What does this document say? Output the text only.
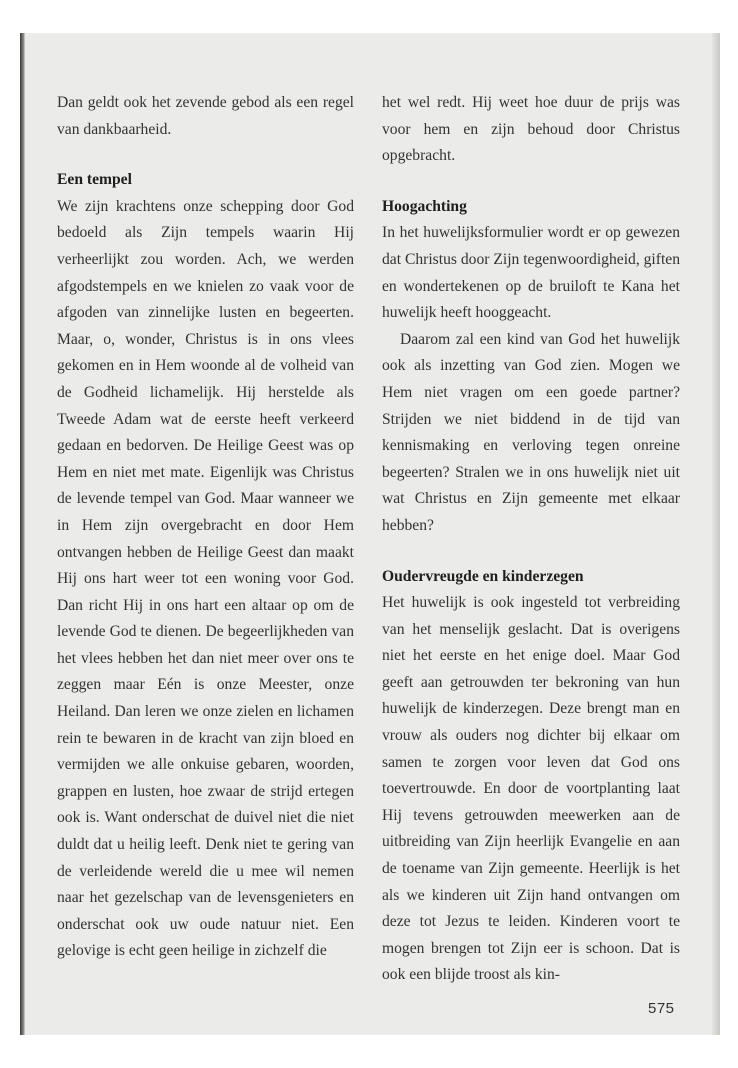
Dan geldt ook het zevende gebod als een regel van dankbaarheid.

Een tempel

We zijn krachtens onze schepping door God bedoeld als Zijn tempels waarin Hij verheerlijkt zou worden. Ach, we werden afgodstempels en we knielen zo vaak voor de afgoden van zinnelijke lusten en begeerten. Maar, o, wonder, Christus is in ons vlees gekomen en in Hem woonde al de volheid van de Godheid lichamelijk. Hij herstelde als Tweede Adam wat de eerste heeft verkeerd gedaan en bedorven. De Heilige Geest was op Hem en niet met mate. Eigenlijk was Christus de levende tempel van God. Maar wanneer we in Hem zijn overgebracht en door Hem ontvangen hebben de Heilige Geest dan maakt Hij ons hart weer tot een woning voor God. Dan richt Hij in ons hart een altaar op om de levende God te dienen. De begeerlijkheden van het vlees hebben het dan niet meer over ons te zeggen maar Eén is onze Meester, onze Heiland. Dan leren we onze zielen en lichamen rein te bewaren in de kracht van zijn bloed en vermijden we alle onkuise gebaren, woorden, grappen en lusten, hoe zwaar de strijd ertegen ook is. Want onderschat de duivel niet die niet duldt dat u heilig leeft. Denk niet te gering van de verleidende wereld die u mee wil nemen naar het gezelschap van de levensgenieters en onderschat ook uw oude natuur niet. Een gelovige is echt geen heilige in zichzelf die

het wel redt. Hij weet hoe duur de prijs was voor hem en zijn behoud door Christus opgebracht.

Hoogachting

In het huwelijksformulier wordt er op gewezen dat Christus door Zijn tegenwoordigheid, giften en wondertekenen op de bruiloft te Kana het huwelijk heeft hooggeacht.

Daarom zal een kind van God het huwelijk ook als inzetting van God zien. Mogen we Hem niet vragen om een goede partner? Strijden we niet biddend in de tijd van kennismaking en verloving tegen onreine begeerten? Stralen we in ons huwelijk niet uit wat Christus en Zijn gemeente met elkaar hebben?

Oudervreugde en kinderzegen

Het huwelijk is ook ingesteld tot verbreiding van het menselijk geslacht. Dat is overigens niet het eerste en het enige doel. Maar God geeft aan getrouwden ter bekroning van hun huwelijk de kinderzegen. Deze brengt man en vrouw als ouders nog dichter bij elkaar om samen te zorgen voor leven dat God ons toevertrouwde. En door de voortplanting laat Hij tevens getrouwden meewerken aan de uitbreiding van Zijn heerlijk Evangelie en aan de toename van Zijn gemeente. Heerlijk is het als we kinderen uit Zijn hand ontvangen om deze tot Jezus te leiden. Kinderen voort te mogen brengen tot Zijn eer is schoon. Dat is ook een blijde troost als kin-

575
